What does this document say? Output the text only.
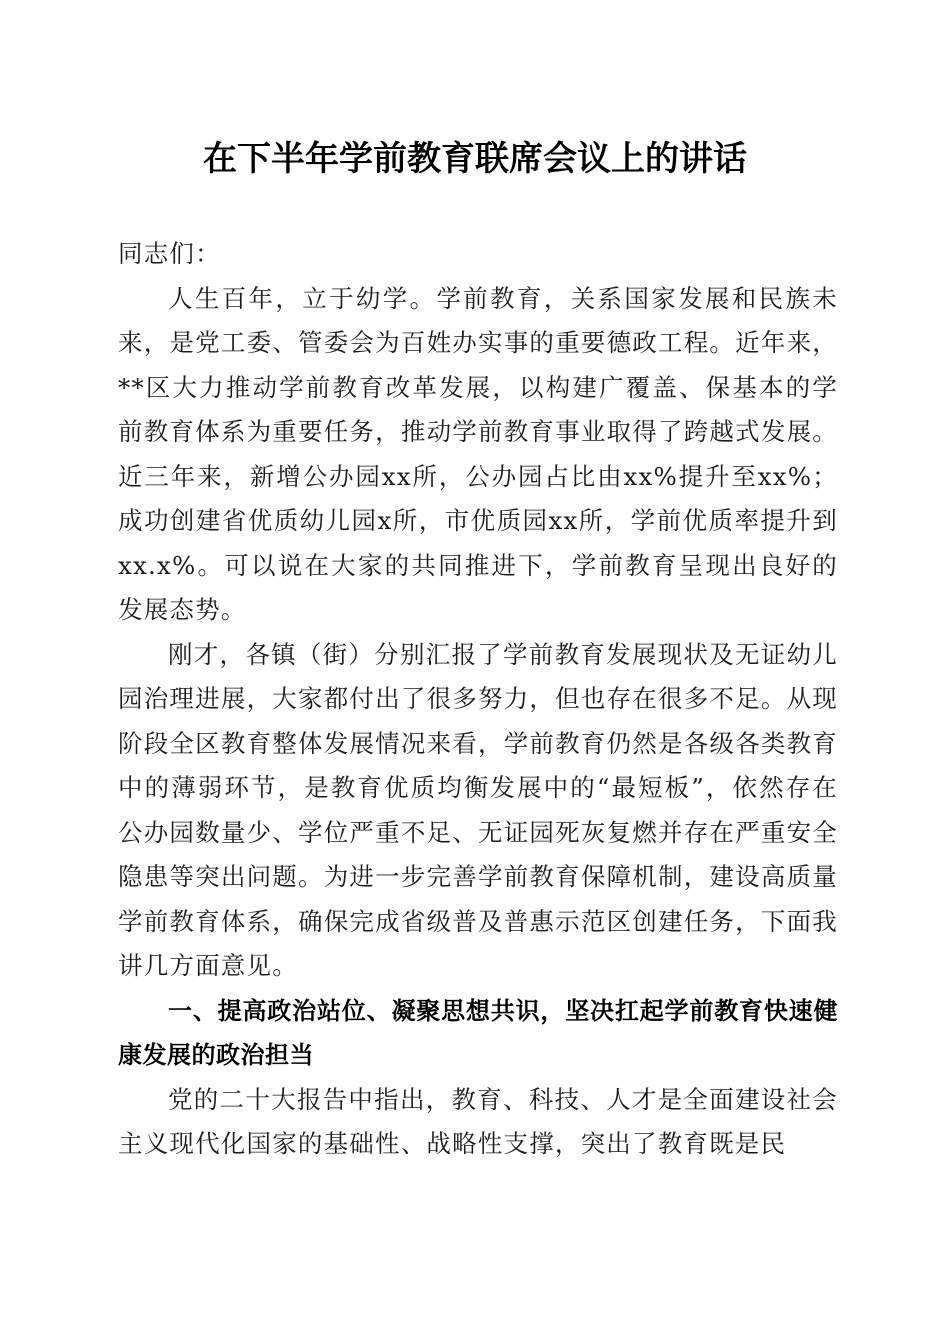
在下半年学前教育联席会议上的讲话

同志们：

人生百年，立于幼学。学前教育，关系国家发展和民族未来，是党工委、管委会为百姓办实事的重要德政工程。近年来，**区大力推动学前教育改革发展，以构建广覆盖、保基本的学前教育体系为重要任务，推动学前教育事业取得了跨越式发展。近三年来，新增公办园xx所，公办园占比由xx%提升至xx%；成功创建省优质幼儿园x所，市优质园xx所，学前优质率提升到xx.x%。可以说在大家的共同推进下，学前教育呈现出良好的发展态势。

刚才，各镇（街）分别汇报了学前教育发展现状及无证幼儿园治理进展，大家都付出了很多努力，但也存在很多不足。从现阶段全区教育整体发展情况来看，学前教育仍然是各级各类教育中的薄弱环节，是教育优质均衡发展中的“最短板”，依然存在公办园数量少、学位严重不足、无证园死灰复燃并存在严重安全隐患等突出问题。为进一步完善学前教育保障机制，建设高质量学前教育体系，确保完成省级普及普惠示范区创建任务，下面我讲几方面意见。

一、提高政治站位、凝聚思想共识，坚决扛起学前教育快速健康发展的政治担当

党的二十大报告中指出，教育、科技、人才是全面建设社会主义现代化国家的基础性、战略性支撑，突出了教育既是民
